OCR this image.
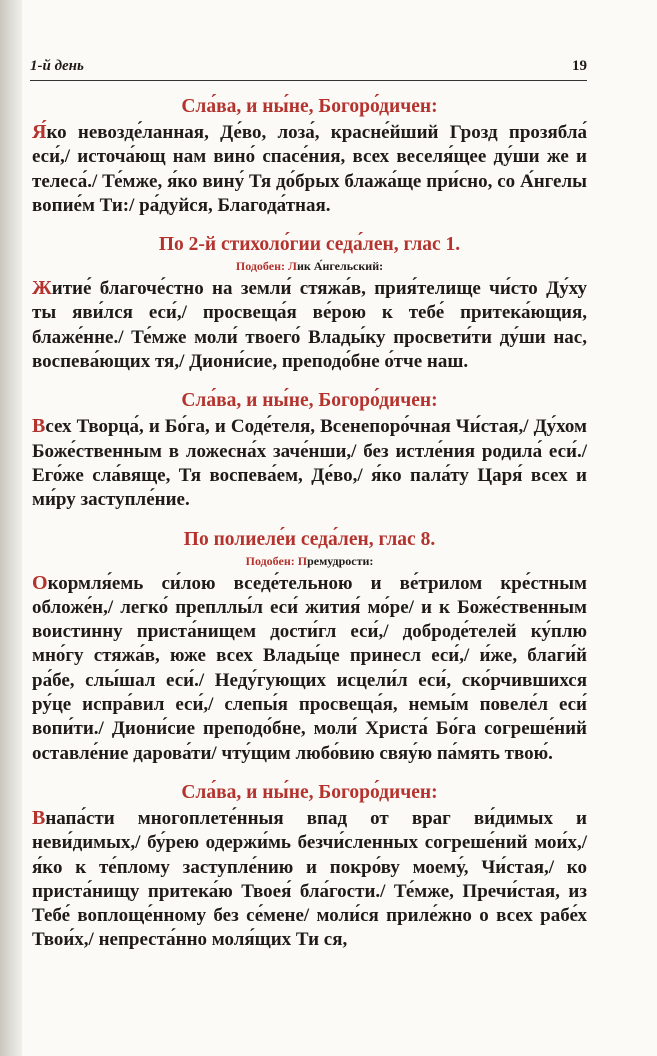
1-й день	19

Сла́ва, и ны́не, Богоро́дичен:

Я́ко невозде́ланная, Де́во, лоза́, красне́йший Грозд прозябла́ еси́,/ источа́ющ нам вино́ спасе́ния, всех веселя́щее ду́ши же и телеса́./ Те́мже, я́ко вину́ Тя до́брых блажа́ще при́сно, со А́нгелы вопие́м Ти:/ ра́дуйся, Благода́тная.

По 2-й стихоло́гии седа́лен, глас 1.

Подобен: Лик А́нгельский:

Житие́ благоче́стно на земли́ стяжа́в, прия́телище чи́сто Ду́ху ты яви́лся еси́,/ просвеща́я ве́рою к тебе́ притека́ющия, блаже́нне./ Те́мже моли́ твоего́ Влады́ку просвети́ти ду́ши нас, воспева́ющих тя,/ Диони́сие, преподо́бне о́тче наш.

Сла́ва, и ны́не, Богоро́дичен:

Всех Творца́, и Бо́га, и Соде́теля, Всенепоро́чная Чи́стая,/ Ду́хом Боже́ственным в ложесна́х заче́нши,/ без истле́ния родила́ еси́./ Его́же сла́вяще, Тя воспева́ем, Де́во,/ я́ко пала́ту Царя́ всех и ми́ру заступле́ние.

По полиеле́и седа́лен, глас 8.

Подобен: Премудрости:

Окормля́емь си́лою вседе́тельною и ве́трилом кре́стным обложе́н,/ легко́ препллы́л еси́ жития́ мо́ре/ и к Боже́ственным воистинну приста́нищем дости́гл еси́,/ доброде́телей ку́плю мно́гу стяжа́в, юже всех Влады́це принесл еси́,/ и́же, благи́й ра́бе, слы́шал еси́./ Неду́гующих исцели́л еси́, ско́рчившихся ру́це испра́вил еси́,/ слепы́я просвеща́я, немы́м повеле́л еси́ вопи́ти./ Диони́сие преподо́бне, моли́ Христа́ Бо́га согреше́ний оставле́ние дарова́ти/ чту́щим любо́вию свяу́ю па́мять твою́.

Сла́ва, и ны́не, Богоро́дичен:

Внапа́сти многоплете́нныя впад от враг ви́димых и неви́димых,/ бу́рею одержи́мь безчи́сленных согреше́ний мои́х,/ я́ко к те́плому заступле́нию и покро́ву моему́, Чи́стая,/ ко приста́нищу притека́ю Твоея́ бла́гости./ Те́мже, Пречи́стая, из Тебе́ воплоще́нному без се́мене/ моли́ся приле́жно о всех рабе́х Твои́х,/ непреста́нно моля́щих Ти ся,
